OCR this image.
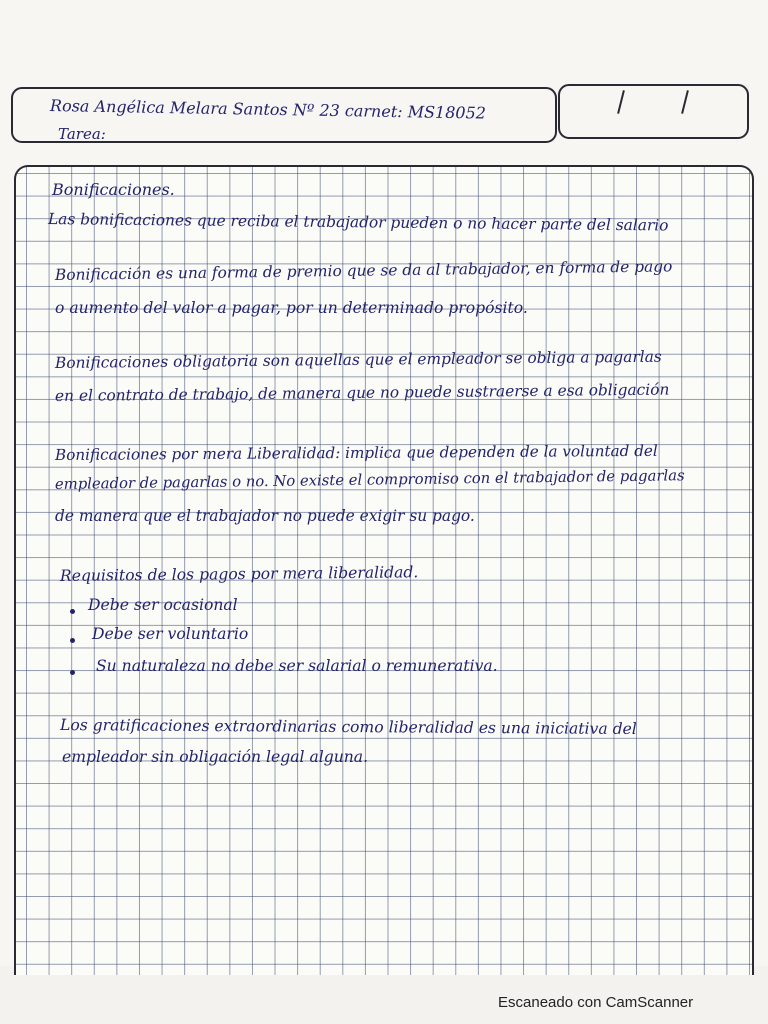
Rosa Angélica Melara Santos Nº 23 carnet: MS18052

Tarea:

Bonificaciones.

Las bonificaciones que reciba el trabajador pueden o no hacer parte del salario

Bonificación es una forma de premio que se da al trabajador, en forma de pago

o aumento del valor a pagar, por un determinado propósito.

Bonificaciones obligatoria son aquellas que el empleador se obliga a pagarlas

en el contrato de trabajo, de manera que no puede sustraerse a esa obligación

Bonificaciones por mera Liberalidad: implica que dependen de la voluntad del

empleador de pagarlas o no. No existe el compromiso con el trabajador de pagarlas

de manera que el trabajador no puede exigir su pago.

Requisitos de los pagos por mera liberalidad.

Debe ser ocasional

Debe ser voluntario

Su naturaleza no debe ser salarial o remunerativa.

Los gratificaciones extraordinarias como liberalidad es una iniciativa del

empleador sin obligación legal alguna.

Escaneado con CamScanner
